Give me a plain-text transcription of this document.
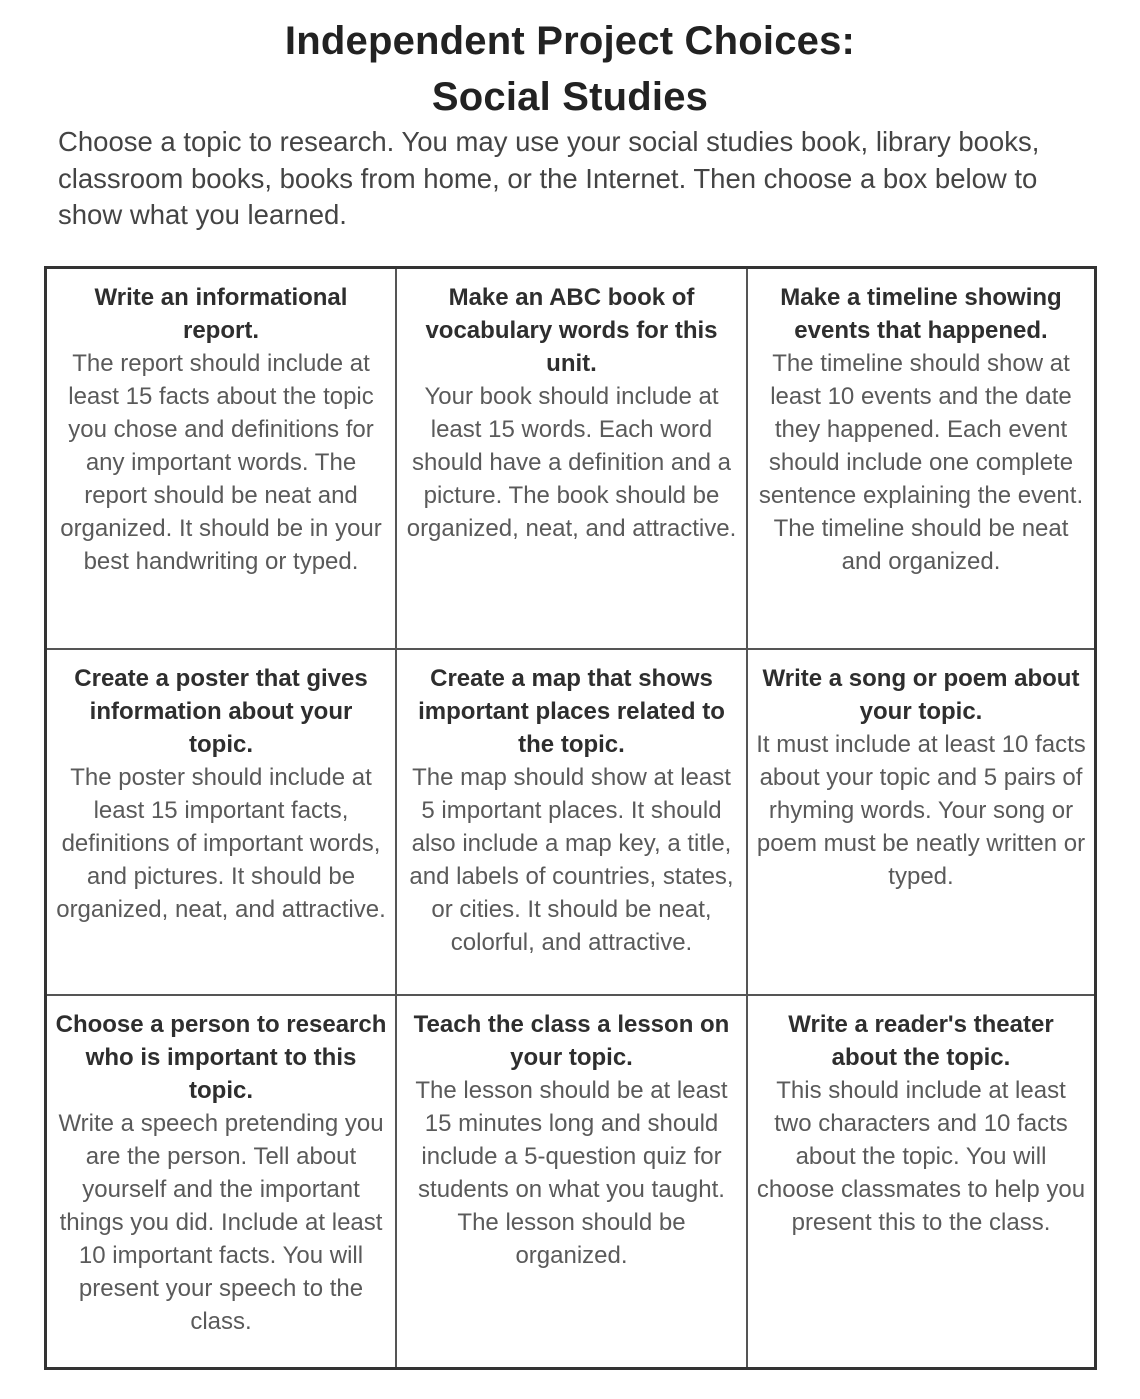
Independent Project Choices:
Social Studies

Choose a topic to research. You may use your social studies book, library books, classroom books, books from home, or the Internet. Then choose a box below to show what you learned.

Write an informational report.
The report should include at least 15 facts about the topic you chose and definitions for any important words. The report should be neat and organized. It should be in your best handwriting or typed.
Make an ABC book of vocabulary words for this unit.
Your book should include at least 15 words. Each word should have a definition and a picture. The book should be organized, neat, and attractive.
Make a timeline showing events that happened.
The timeline should show at least 10 events and the date they happened. Each event should include one complete sentence explaining the event. The timeline should be neat and organized.
Create a poster that gives information about your topic.
The poster should include at least 15 important facts, definitions of important words, and pictures. It should be organized, neat, and attractive.
Create a map that shows important places related to the topic.
The map should show at least 5 important places. It should also include a map key, a title, and labels of countries, states, or cities. It should be neat, colorful, and attractive.
Write a song or poem about your topic.
It must include at least 10 facts about your topic and 5 pairs of rhyming words. Your song or poem must be neatly written or typed.
Choose a person to research who is important to this topic.
Write a speech pretending you are the person. Tell about yourself and the important things you did. Include at least 10 important facts. You will present your speech to the class.
Teach the class a lesson on your topic.
The lesson should be at least 15 minutes long and should include a 5-question quiz for students on what you taught. The lesson should be organized.
Write a reader's theater about the topic.
This should include at least two characters and 10 facts about the topic. You will choose classmates to help you present this to the class.
